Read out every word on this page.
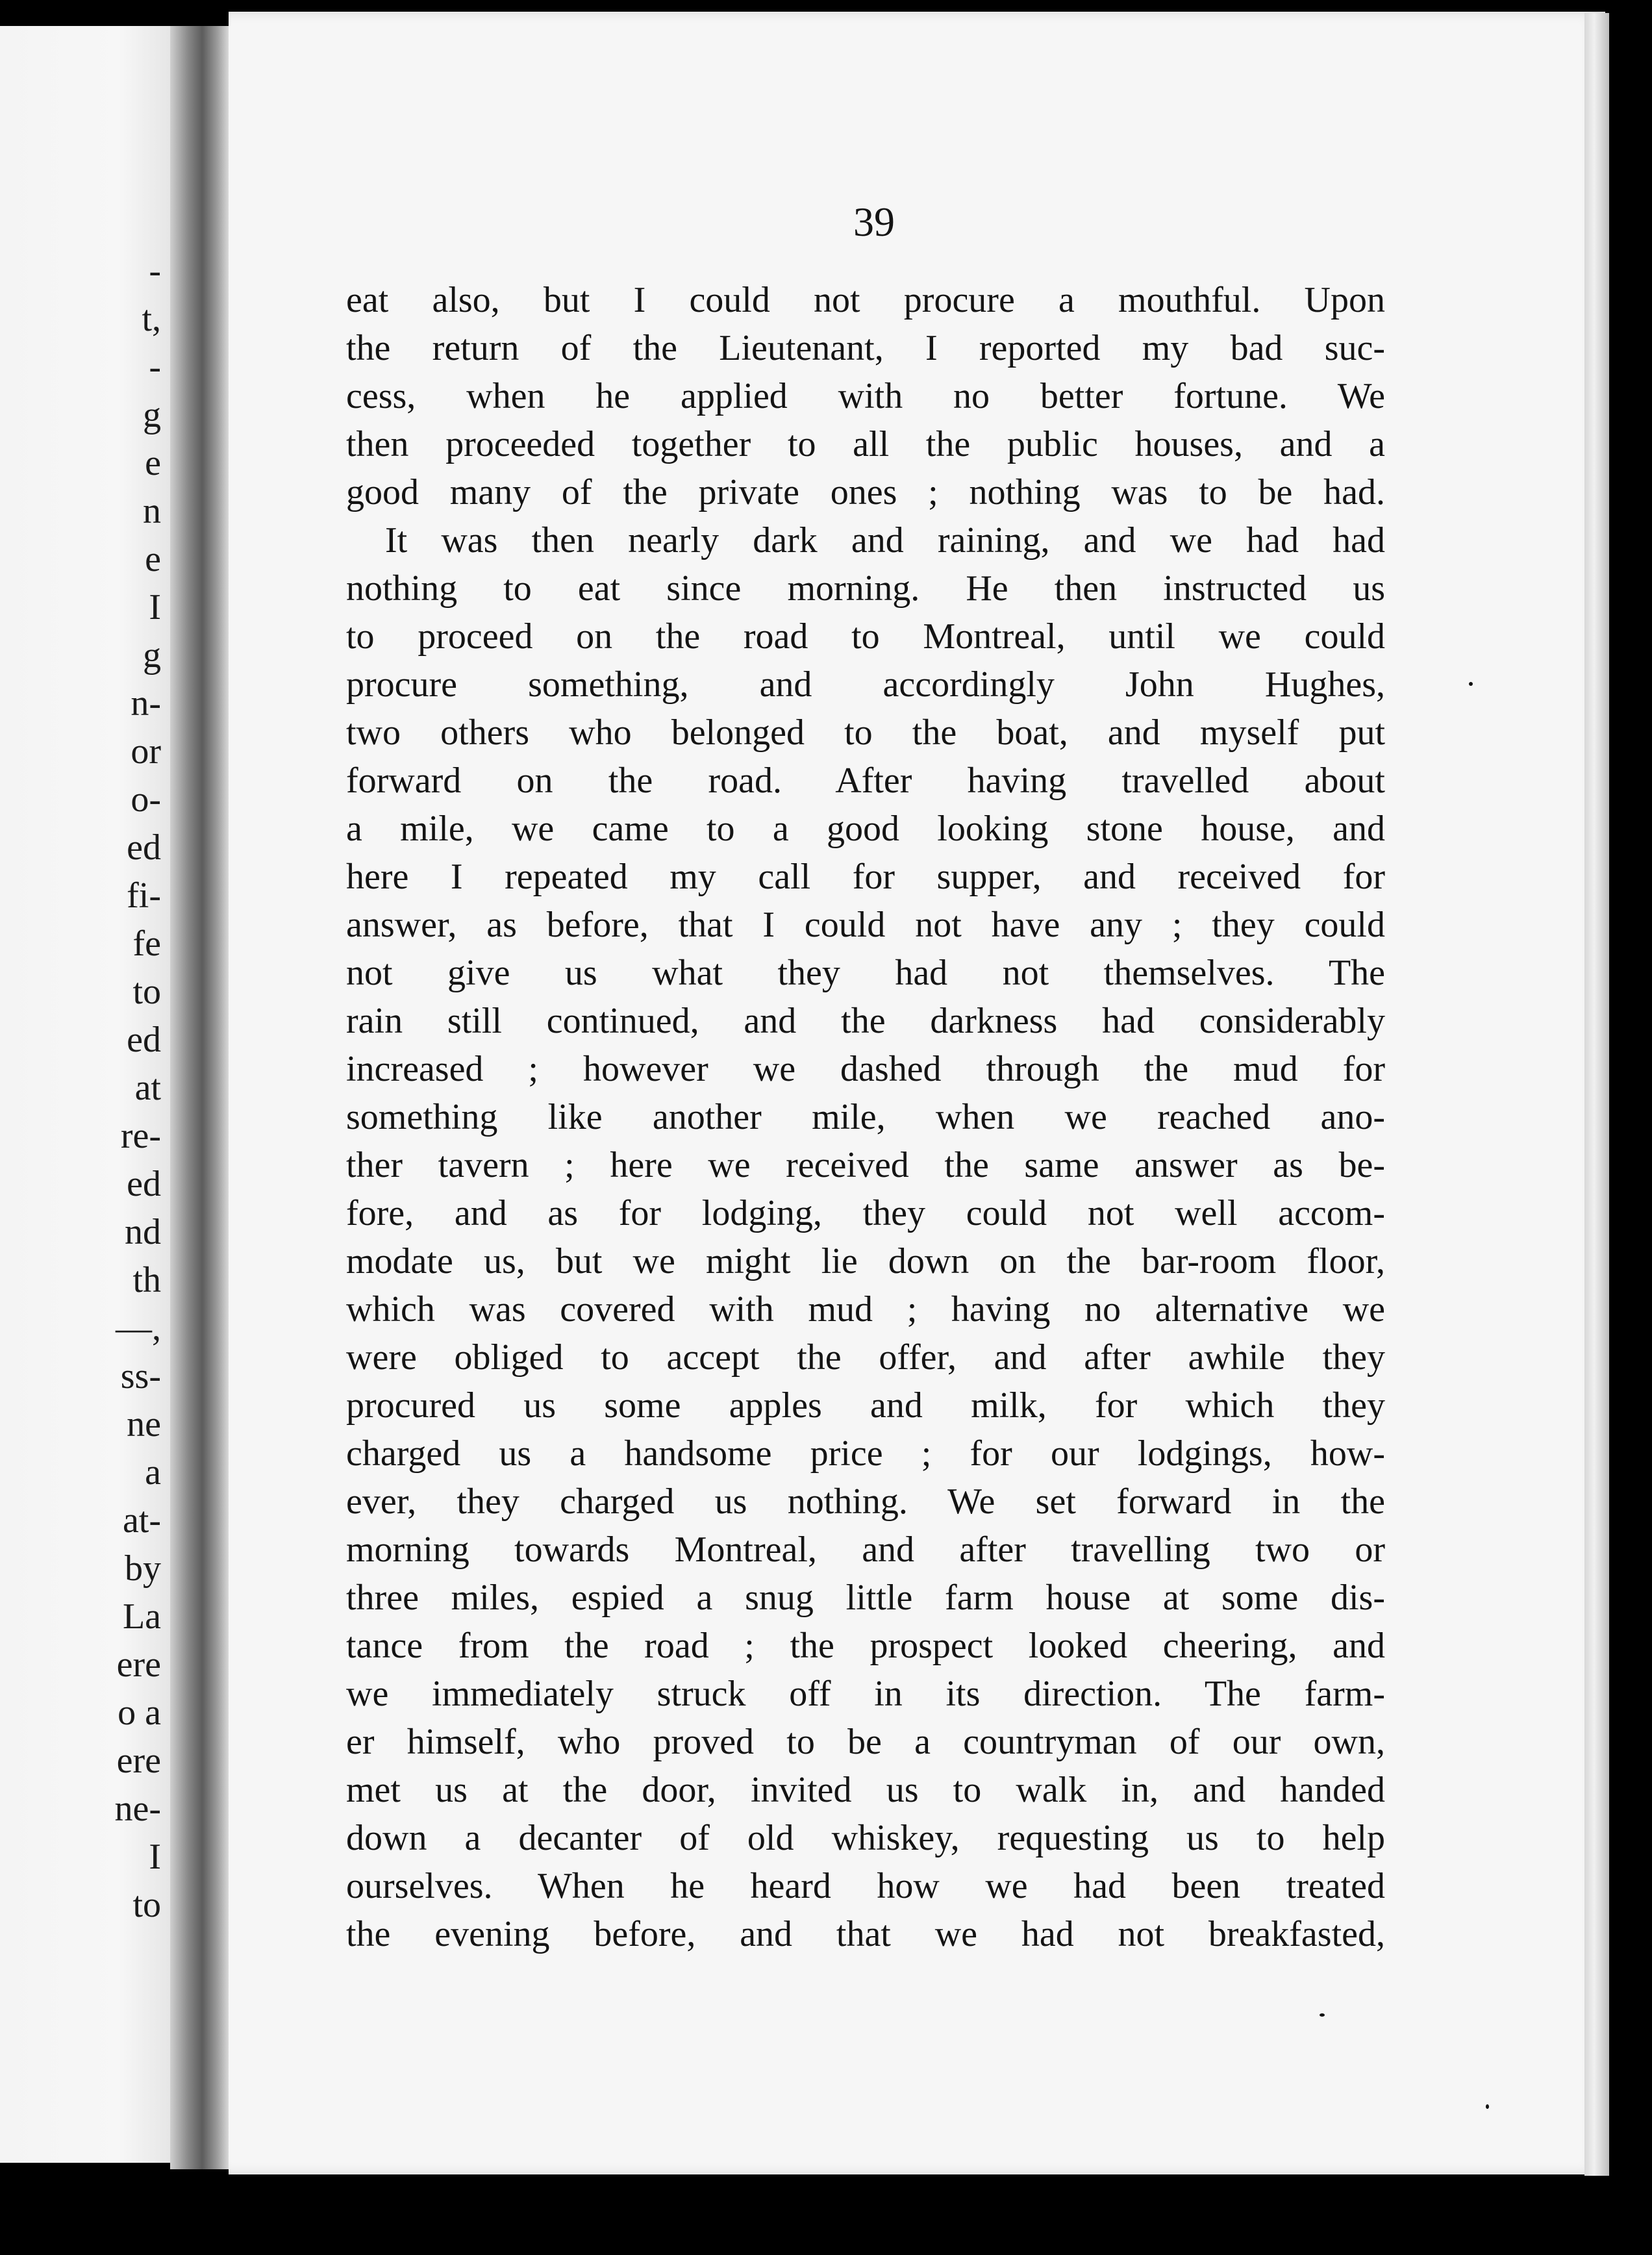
-
t,
-
g
e
n
e
I
g
n-
or
o-
ed
fi-
fe
to
ed
at
re-
ed
nd
th
—,
ss-
ne
a
at-
by
La
ere
o a
ere
ne-
I
to
39
eat also, but I could not procure a mouthful. Upon
the return of the Lieutenant, I reported my bad suc-
cess, when he applied with no better fortune. We
then proceeded together to all the public houses, and a
good many of the private ones ; nothing was to be had.
It was then nearly dark and raining, and we had had
nothing to eat since morning. He then instructed us
to proceed on the road to Montreal, until we could
procure something, and accordingly John Hughes,
two others who belonged to the boat, and myself put
forward on the road. After having travelled about
a mile, we came to a good looking stone house, and
here I repeated my call for supper, and received for
answer, as before, that I could not have any ; they could
not give us what they had not themselves. The
rain still continued, and the darkness had considerably
increased ; however we dashed through the mud for
something like another mile, when we reached ano-
ther tavern ; here we received the same answer as be-
fore, and as for lodging, they could not well accom-
modate us, but we might lie down on the bar-room floor,
which was covered with mud ; having no alternative we
were obliged to accept the offer, and after awhile they
procured us some apples and milk, for which they
charged us a handsome price ; for our lodgings, how-
ever, they charged us nothing. We set forward in the
morning towards Montreal, and after travelling two or
three miles, espied a snug little farm house at some dis-
tance from the road ; the prospect looked cheering, and
we immediately struck off in its direction. The farm-
er himself, who proved to be a countryman of our own,
met us at the door, invited us to walk in, and handed
down a decanter of old whiskey, requesting us to help
ourselves. When he heard how we had been treated
the evening before, and that we had not breakfasted,
